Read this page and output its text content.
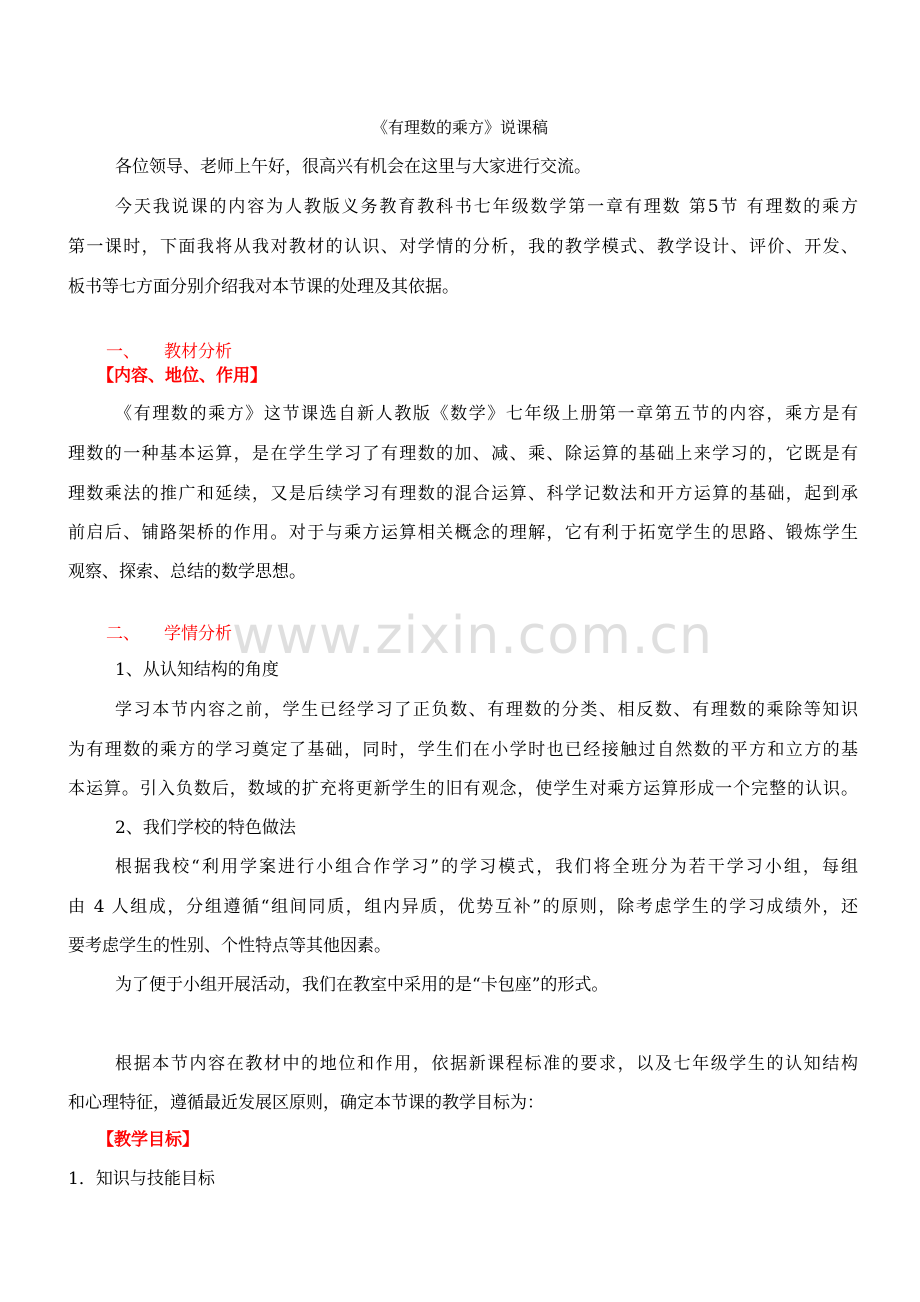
《有理数的乘方》说课稿
各位领导、老师上午好，很高兴有机会在这里与大家进行交流。
今天我说课的内容为人教版义务教育教科书七年级数学第一章有理数 第5节 有理数的乘方
第一课时，下面我将从我对教材的认识、对学情的分析，我的教学模式、教学设计、评价、开发、
板书等七方面分别介绍我对本节课的处理及其依据。
一、	教材分析
【内容、地位、作用】
《有理数的乘方》这节课选自新人教版《数学》七年级上册第一章第五节的内容，乘方是有
理数的一种基本运算，是在学生学习了有理数的加、减、乘、除运算的基础上来学习的，它既是有
理数乘法的推广和延续，又是后续学习有理数的混合运算、科学记数法和开方运算的基础，起到承
前启后、铺路架桥的作用。对于与乘方运算相关概念的理解，它有利于拓宽学生的思路、锻炼学生
观察、探索、总结的数学思想。
二、	学情分析
1、从认知结构的角度
学习本节内容之前，学生已经学习了正负数、有理数的分类、相反数、有理数的乘除等知识
为有理数的乘方的学习奠定了基础，同时，学生们在小学时也已经接触过自然数的平方和立方的基
本运算。引入负数后，数域的扩充将更新学生的旧有观念，使学生对乘方运算形成一个完整的认识。
2、我们学校的特色做法
根据我校“利用学案进行小组合作学习”的学习模式，我们将全班分为若干学习小组，每组
由 4 人组成，分组遵循“组间同质，组内异质，优势互补”的原则，除考虑学生的学习成绩外，还
要考虑学生的性别、个性特点等其他因素。
为了便于小组开展活动，我们在教室中采用的是“卡包座”的形式。
根据本节内容在教材中的地位和作用，依据新课程标准的要求，以及七年级学生的认知结构
和心理特征，遵循最近发展区原则，确定本节课的教学目标为：
【教学目标】
1．知识与技能目标
www.zixin.com.cn
